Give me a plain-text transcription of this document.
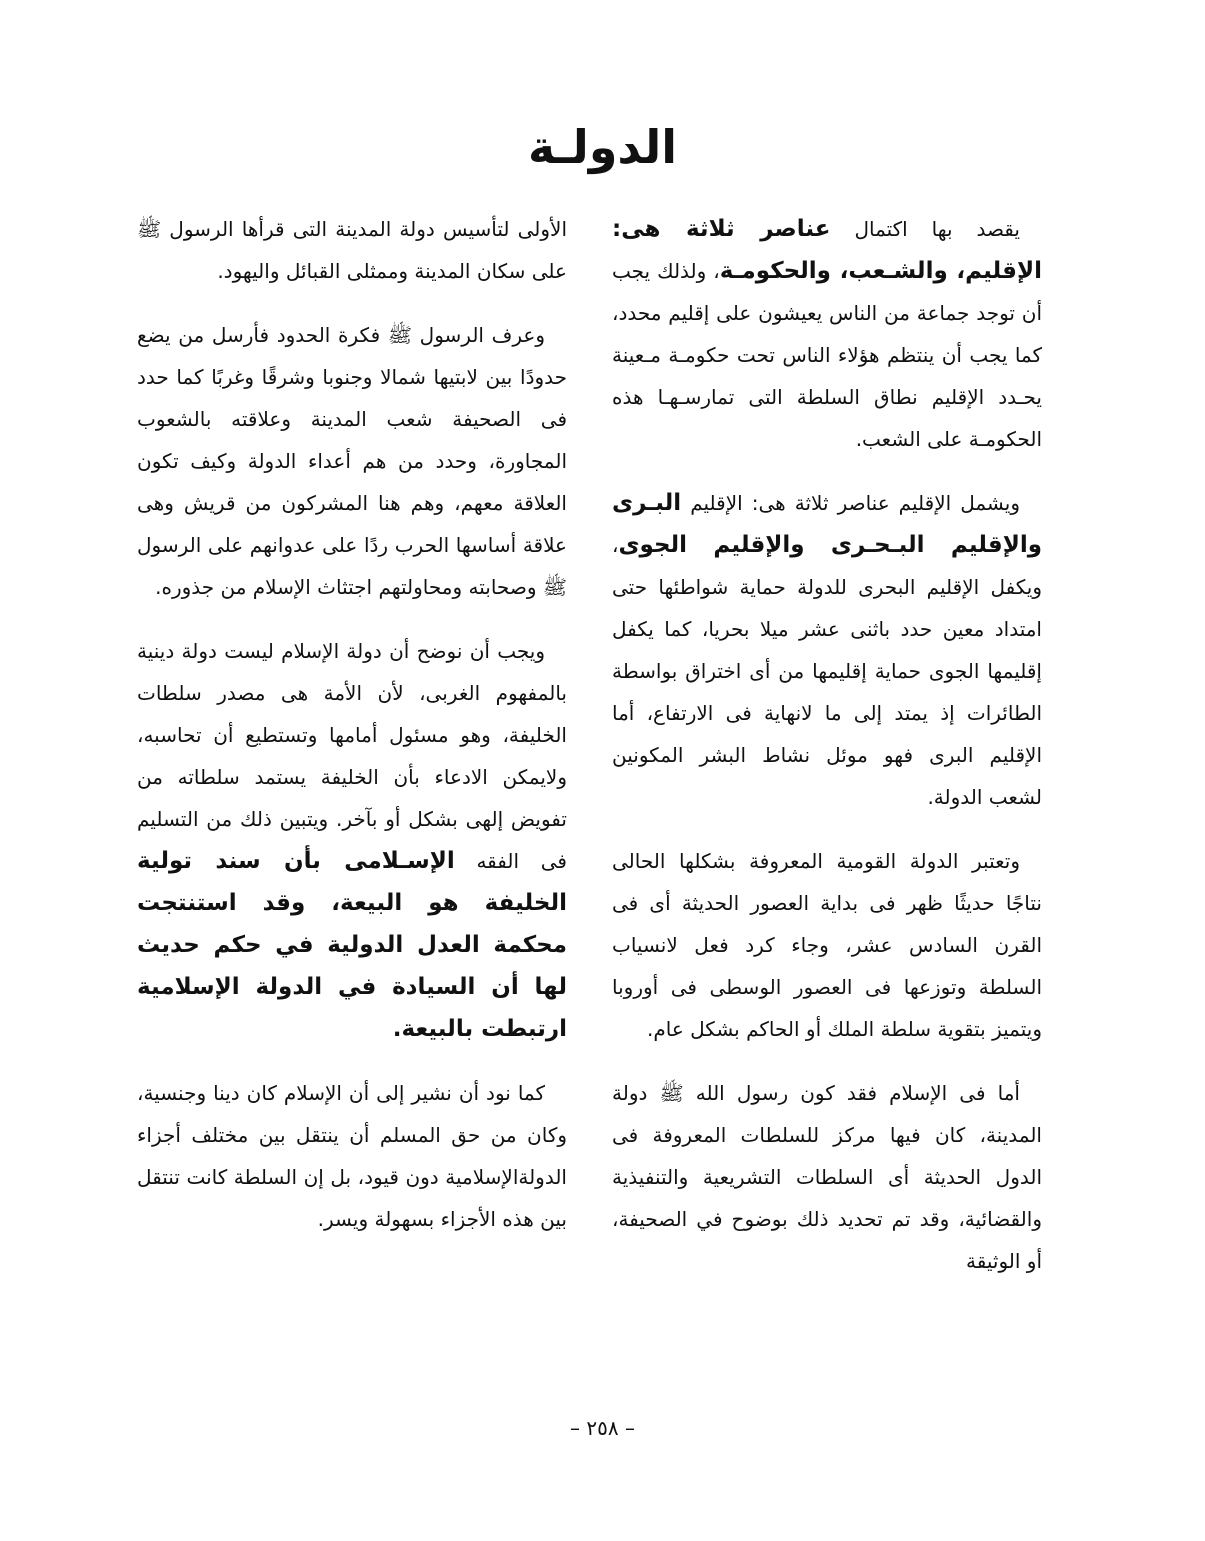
الدولـة

يقصد بها اكتمال عناصر ثلاثة هى: الإقليم، والشـعب، والحكومـة، ولذلك يجب أن توجد جماعة من الناس يعيشون على إقليم محدد، كما يجب أن ينتظم هؤلاء الناس تحت حكومـة مـعينة يحـدد الإقليم نطاق السلطة التى تمارسـهـا هذه الحكومـة على الشعب.

ويشمل الإقليم عناصر ثلاثة هى: الإقليم البـرى والإقليم البـحـرى والإقليم الجوى، ويكفل الإقليم البحرى للدولة حماية شواطئها حتى امتداد معين حدد باثنى عشر ميلا بحريا، كما يكفل إقليمها الجوى حماية إقليمها من أى اختراق بواسطة الطائرات إذ يمتد إلى ما لانهاية فى الارتفاع، أما الإقليم البرى فهو موئل نشاط البشر المكونين لشعب الدولة.

وتعتبر الدولة القومية المعروفة بشكلها الحالى نتاجًا حديثًا ظهر فى بداية العصور الحديثة أى فى القرن السادس عشر، وجاء كرد فعل لانسياب السلطة وتوزعها فى العصور الوسطى فى أوروبا ويتميز بتقوية سلطة الملك أو الحاكم بشكل عام.

أما فى الإسلام فقد كون رسول الله ﷺ دولة المدينة، كان فيها مركز للسلطات المعروفة فى الدول الحديثة أى السلطات التشريعية والتنفيذية والقضائية، وقد تم تحديد ذلك بوضوح في الصحيفة، أو الوثيقة

الأولى لتأسيس دولة المدينة التى قرأها الرسول ﷺ على سكان المدينة وممثلى القبائل واليهود.

وعرف الرسول ﷺ فكرة الحدود فأرسل من يضع حدودًا بين لابتيها شمالا وجنوبا وشرقًا وغربًا كما حدد فى الصحيفة شعب المدينة وعلاقته بالشعوب المجاورة، وحدد من هم أعداء الدولة وكيف تكون العلاقة معهم، وهم هنا المشركون من قريش وهى علاقة أساسها الحرب ردًا على عدوانهم على الرسول ﷺ وصحابته ومحاولتهم اجتثاث الإسلام من جذوره.

ويجب أن نوضح أن دولة الإسلام ليست دولة دينية بالمفهوم الغربى، لأن الأمة هى مصدر سلطات الخليفة، وهو مسئول أمامها وتستطيع أن تحاسبه، ولايمكن الادعاء بأن الخليفة يستمد سلطاته من تفويض إلهى بشكل أو بآخر. ويتبين ذلك من التسليم فى الفقه الإسـلامى بأن سند تولية الخليفة هو البيعة، وقد استنتجت محكمة العدل الدولية في حكم حديث لها أن السيادة في الدولة الإسلامية ارتبطت بالبيعة.

كما نود أن نشير إلى أن الإسلام كان دينا وجنسية، وكان من حق المسلم أن ينتقل بين مختلف أجزاء الدولةالإسلامية دون قيود، بل إن السلطة كانت تنتقل بين هذه الأجزاء بسهولة ويسر.

– ٢٥٨ –
